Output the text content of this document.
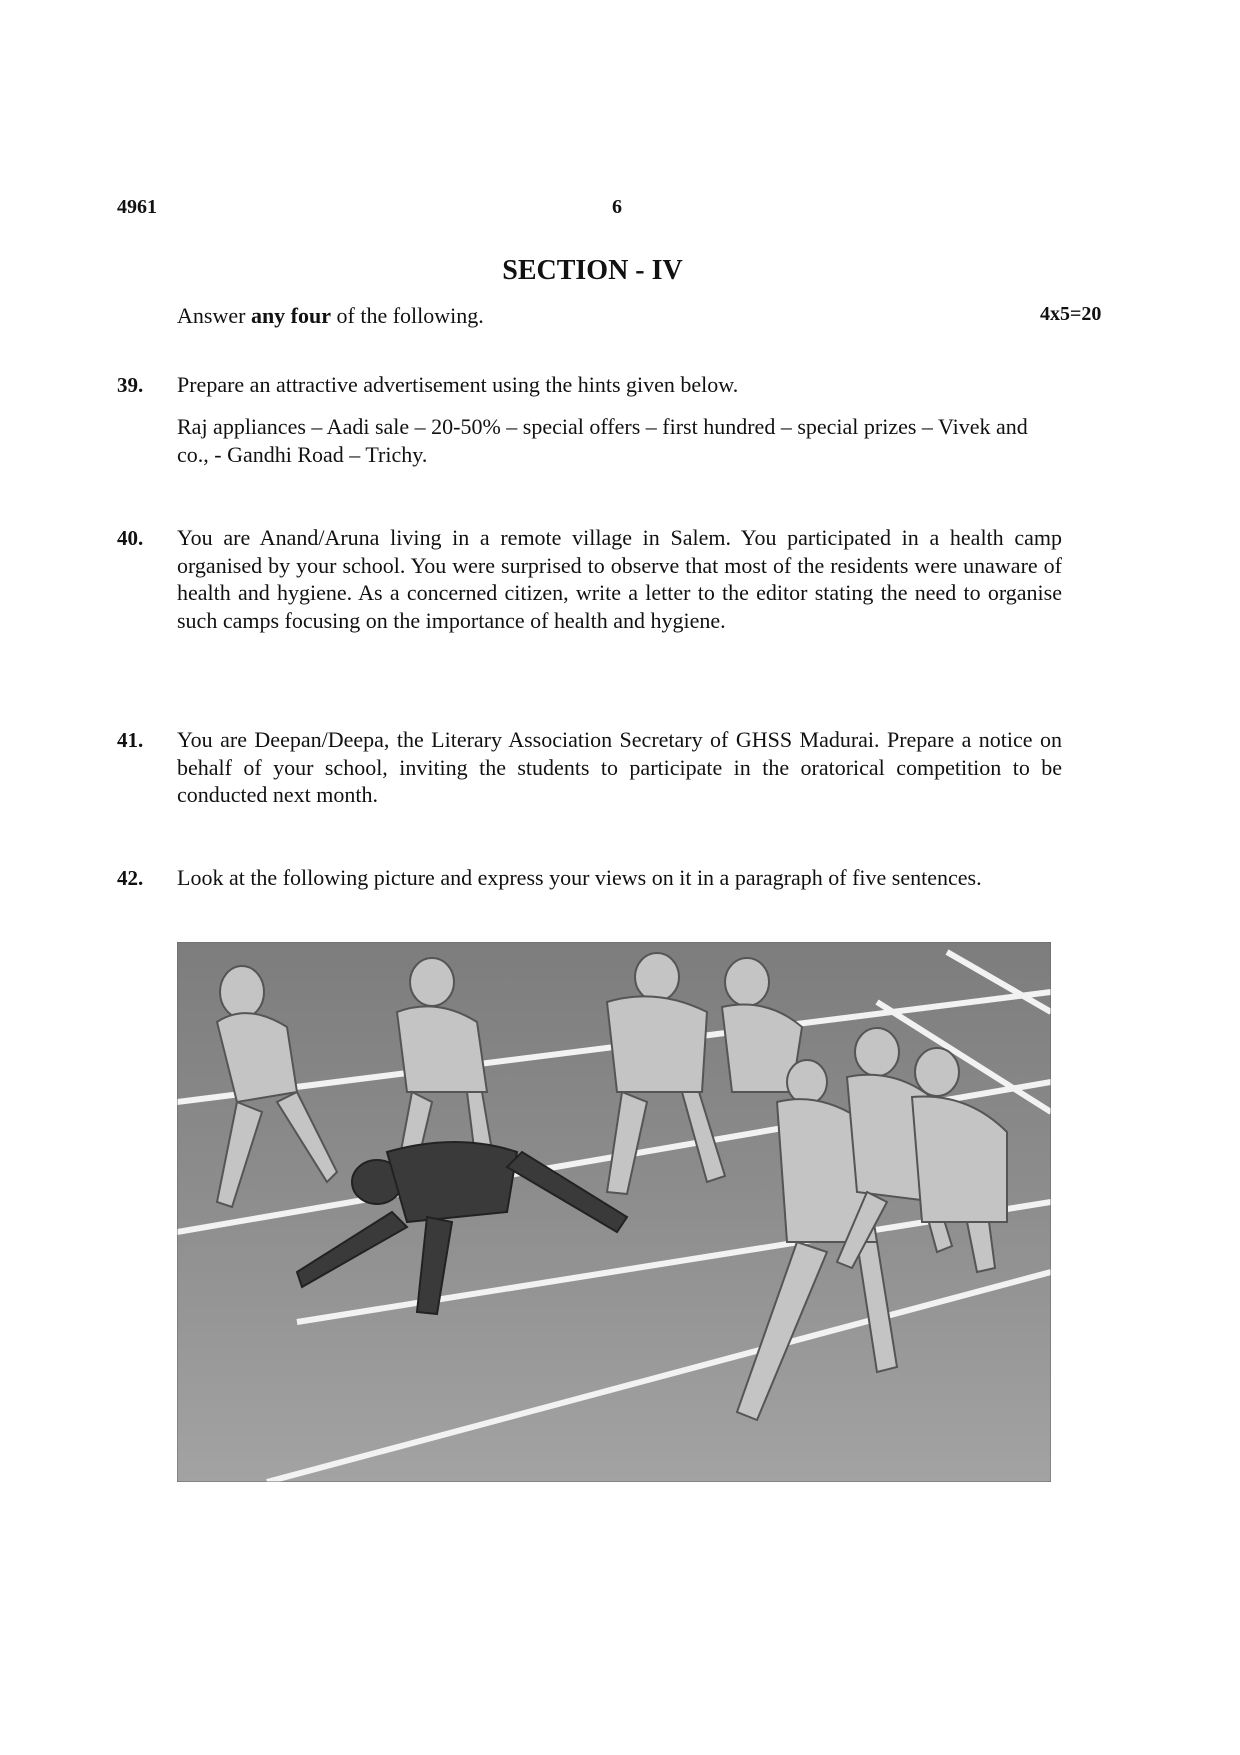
4961	6
SECTION - IV
Answer any four of the following.	4x5=20
39. Prepare an attractive advertisement using the hints given below.
Raj appliances – Aadi sale – 20-50% – special offers – first hundred – special prizes – Vivek and co., - Gandhi Road – Trichy.
40. You are Anand/Aruna living in a remote village in Salem. You participated in a health camp organised by your school. You were surprised to observe that most of the residents were unaware of health and hygiene. As a concerned citizen, write a letter to the editor stating the need to organise such camps focusing on the importance of health and hygiene.
41. You are Deepan/Deepa, the Literary Association Secretary of GHSS Madurai. Prepare a notice on behalf of your school, inviting the students to participate in the oratorical competition to be conducted next month.
42. Look at the following picture and express your views on it in a paragraph of five sentences.
